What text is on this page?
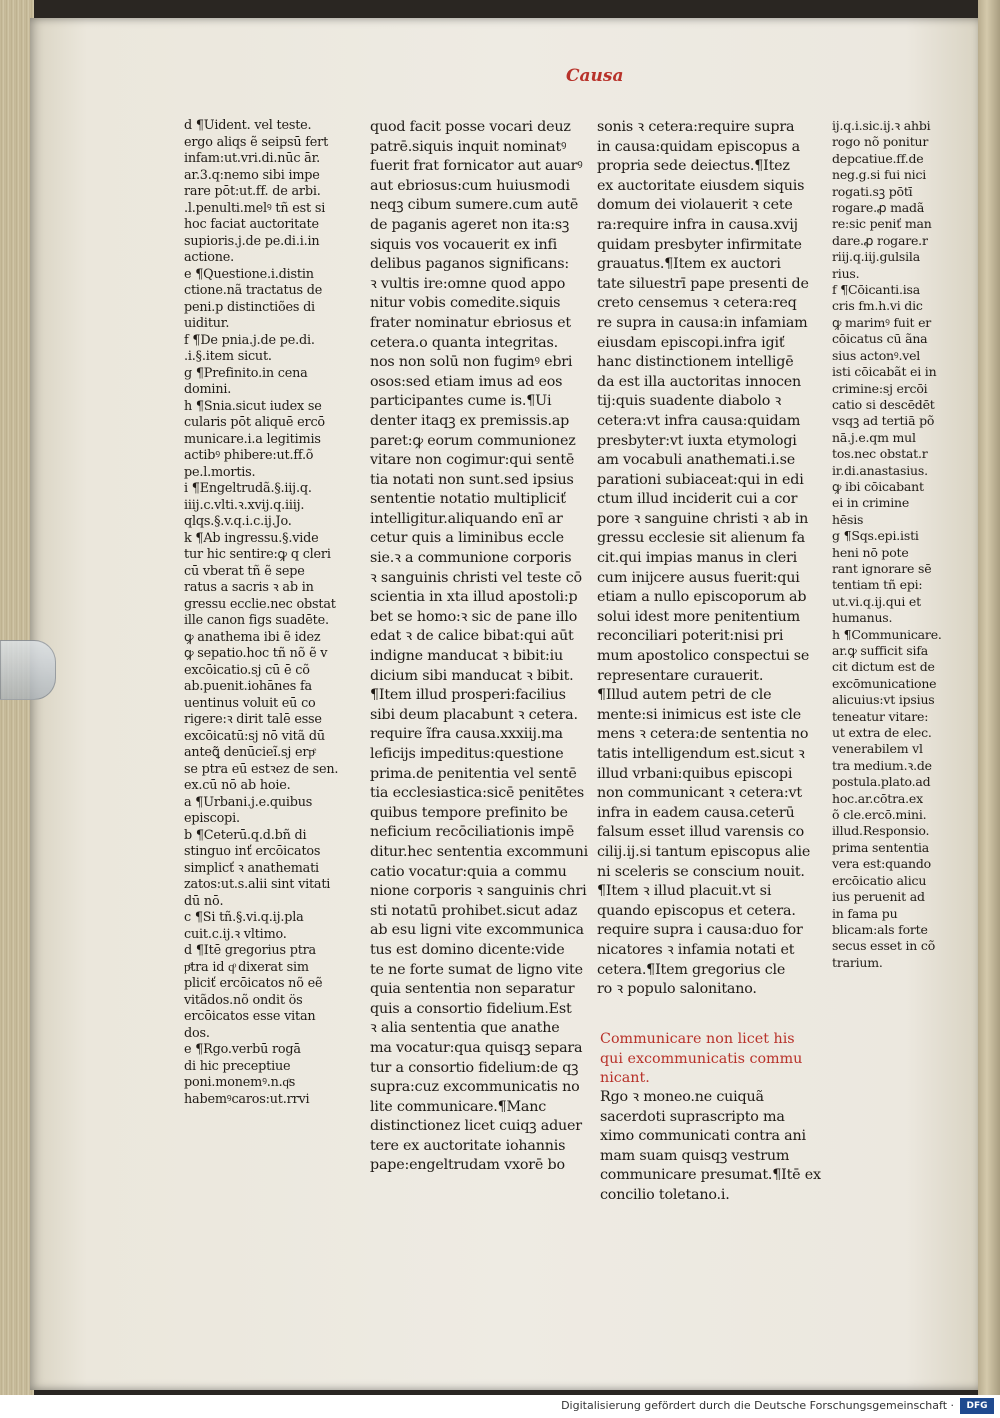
Causa
d ¶Uident. vel teste.
ergo aliqs ẽ seipsū fert
infam:ut.vri.di.nūc ār.
ar.3.q:nemo sibi impe
rare pōt:ut.ff. de arbi.
.l.penulti.melꝰ tñ est si
hoc faciat auctoritate
supioris.j.de pe.di.i.in
actione.
e ¶Questione.i.distin
ctione.nã tractatus de
peni.p distinctiões di
uiditur.
f ¶De pnia.j.de pe.di.
.i.§.item sicut.
g ¶Prefinito.in cena
domini.
h ¶Snia.sicut iudex se
cularis pōt aliquē ercō
municare.i.a legitimis
actibꝰ phibere:ut.ff.õ
pe.l.mortis.
i ¶Engeltrudã.§.iij.q.
iiij.c.vlti.ꝛ.xvij.q.iiij.
qlqs.§.v.q.i.c.ij.Jo.
k ¶Ab ingressu.§.vide
tur hic sentire:ꝙ q cleri
cū vberat tñ ẽ sepe
ratus a sacris ꝛ ab in
gressu ecclie.nec obstat
ille canon figs suadēte.
ꝙ anathema ibi ẽ idez
ꝙ sepatio.hoc tñ nõ ẽ v
excōicatio.sj cū ē cõ
ab.puenit.iohānes fa
uentinus voluit eū co
rigere:ꝛ dirit talē esse
excōicatū:sj nō vitã dū
anteꝗ̃ denūcieĩ.sj erpͤ
se ptra eū estꝛez de sen.
ex.cū nō ab hoie.
a ¶Urbani.j.e.quibus
episcopi.
b ¶Ceterū.q.d.bñ di
stinguo inť ercōicatos
simplicť ꝛ anathemati
zatos:ut.s.alii sint vitati
dū nō.
c ¶Si tñ.§.vi.q.ij.pla
cuit.c.ij.ꝛ vltimo.
d ¶Itē gregorius ptra
pͤtra id qͦ dixerat sim
pliciť ercōicatos nõ eẽ
vitãdos.nõ ondit ös
ercōicatos esse vitan
dos.
e ¶Rgo.verbū rogā
di hic preceptiue
poni.monemꝰ.n.qͦs
habemꝰcaros:ut.rrvi
quod facit posse vocari deuz
patrē.siquis inquit nominatꝰ
fuerit frat fornicator aut auarꝰ
aut ebriosus:cum huiusmodi
neqꝫ cibum sumere.cum autē
de paganis ageret non ita:sꝫ
siquis vos vocauerit ex infi
delibus paganos significans:
ꝛ vultis ire:omne quod appo
nitur vobis comedite.siquis
frater nominatur ebriosus et
cetera.o quanta integritas.
nos non solū non fugimꝰ ebri
osos:sed etiam imus ad eos
participantes cume is.¶Ui
denter itaqꝫ ex premissis.ap
paret:ꝙ eorum communionez
vitare non cogimur:qui sentē
tia notati non sunt.sed ipsius
sententie notatio multipliciť
intelligitur.aliquando enī ar
cetur quis a liminibus eccle
sie.ꝛ a communione corporis
ꝛ sanguinis christi vel teste cō
scientia in xta illud apostoli:p
bet se homo:ꝛ sic de pane illo
edat ꝛ de calice bibat:qui aūt
indigne manducat ꝛ bibit:iu
dicium sibi manducat ꝛ bibit.
¶Item illud prosperi:facilius
sibi deum placabunt ꝛ cetera.
require ĩfra causa.xxxiij.ma
leficijs impeditus:questione
prima.de penitentia vel sentē
tia ecclesiastica:sicē penitētes
quibus tempore prefinito be
neficium recōciliationis impē
ditur.hec sententia excommuni
catio vocatur:quia a commu
nione corporis ꝛ sanguinis chri
sti notatū prohibet.sicut adaz
ab esu ligni vite excommunica
tus est domino dicente:vide
te ne forte sumat de ligno vite
quia sententia non separatur
quis a consortio fidelium.Est
ꝛ alia sententia que anathe
ma vocatur:qua quisqꝫ separa
tur a consortio fidelium:de qꝫ
supra:cuz excommunicatis no
lite communicare.¶Manc
distinctionez licet cuiqꝫ aduer
tere ex auctoritate iohannis
pape:engeltrudam vxorē bo
sonis ꝛ cetera:require supra
in causa:quidam episcopus a
propria sede deiectus.¶Itez
ex auctoritate eiusdem siquis
domum dei violauerit ꝛ cete
ra:require infra in causa.xvij
quidam presbyter infirmitate
grauatus.¶Item ex auctori
tate siluestrī pape presenti de
creto censemus ꝛ cetera:req
re supra in causa:in infamiam
eiusdam episcopi.infra igiť
hanc distinctionem intelligē
da est illa auctoritas innocen
tij:quis suadente diabolo ꝛ
cetera:vt infra causa:quidam
presbyter:vt iuxta etymologi
am vocabuli anathemati.i.se
parationi subiaceat:qui in edi
ctum illud inciderit cui a cor
pore ꝛ sanguine christi ꝛ ab in
gressu ecclesie sit alienum fa
cit.qui impias manus in cleri
cum inijcere ausus fuerit:qui
etiam a nullo episcoporum ab
solui idest more penitentium
reconciliari poterit:nisi pri
mum apostolico conspectui se
representare curauerit.
¶Illud autem petri de cle
mente:si inimicus est iste cle
mens ꝛ cetera:de sententia no
tatis intelligendum est.sicut ꝛ
illud vrbani:quibus episcopi
non communicant ꝛ cetera:vt
infra in eadem causa.ceterū
falsum esset illud varensis co
cilij.ij.si tantum episcopus alie
ni sceleris se conscium nouit.
¶Item ꝛ illud placuit.vt si
quando episcopus et cetera.
require supra i causa:duo for
nicatores ꝛ infamia notati et
cetera.¶Item gregorius cle
ro ꝛ populo salonitano.
ij.q.i.sic.ij.ꝛ ahbi
rogo nõ ponitur
depcatiue.ff.de
neg.g.si fui nici
rogati.sꝫ pōtī
rogare.ꝓ madã
re:sic peniť man
dare.ꝓ rogare.r
riij.q.iij.gulsila
rius.
f ¶Cōicanti.isa
cris fm.h.vi dic
ꝙ marimꝰ fuit er
cōicatus cū ãna
sius actonꝰ.vel
isti cōicabãt ei in
crimine:sj ercōi
catio si descēdēt
vsqꝫ ad tertiā põ
nā.j.e.qm mul
tos.nec obstat.r
ir.di.anastasius.
ꝙ ibi cōicabant
ei in crimine hēsis
g ¶Sqs.epi.isti
heni nō pote
rant ignorare sē
tentiam tñ epi:
ut.vi.q.ij.qui et
humanus.
h ¶Communicare.
ar.ꝙ sufficit sifa
cit dictum est de
excōmunicatione
alicuius:vt ipsius
teneatur vitare:
ut extra de elec.
venerabilem vl
tra medium.ꝛ.de
postula.plato.ad
hoc.ar.cōtra.ex
õ cle.ercō.mini.
illud.Responsio.
prima sententia
vera est:quando
ercōicatio alicu
ius peruenit ad
in fama pu
blicam:als forte
secus esset in cõ
trarium.
Communicare non licet his
qui excommunicatis commu
nicant.
Rgo ꝛ moneo.ne cuiquã
sacerdoti suprascripto ma
ximo communicati contra ani
mam suam quisqꝫ vestrum
communicare presumat.¶Itē ex
concilio toletano.i.
Digitalisierung gefördert durch die Deutsche Forschungsgemeinschaft ·	DFG
